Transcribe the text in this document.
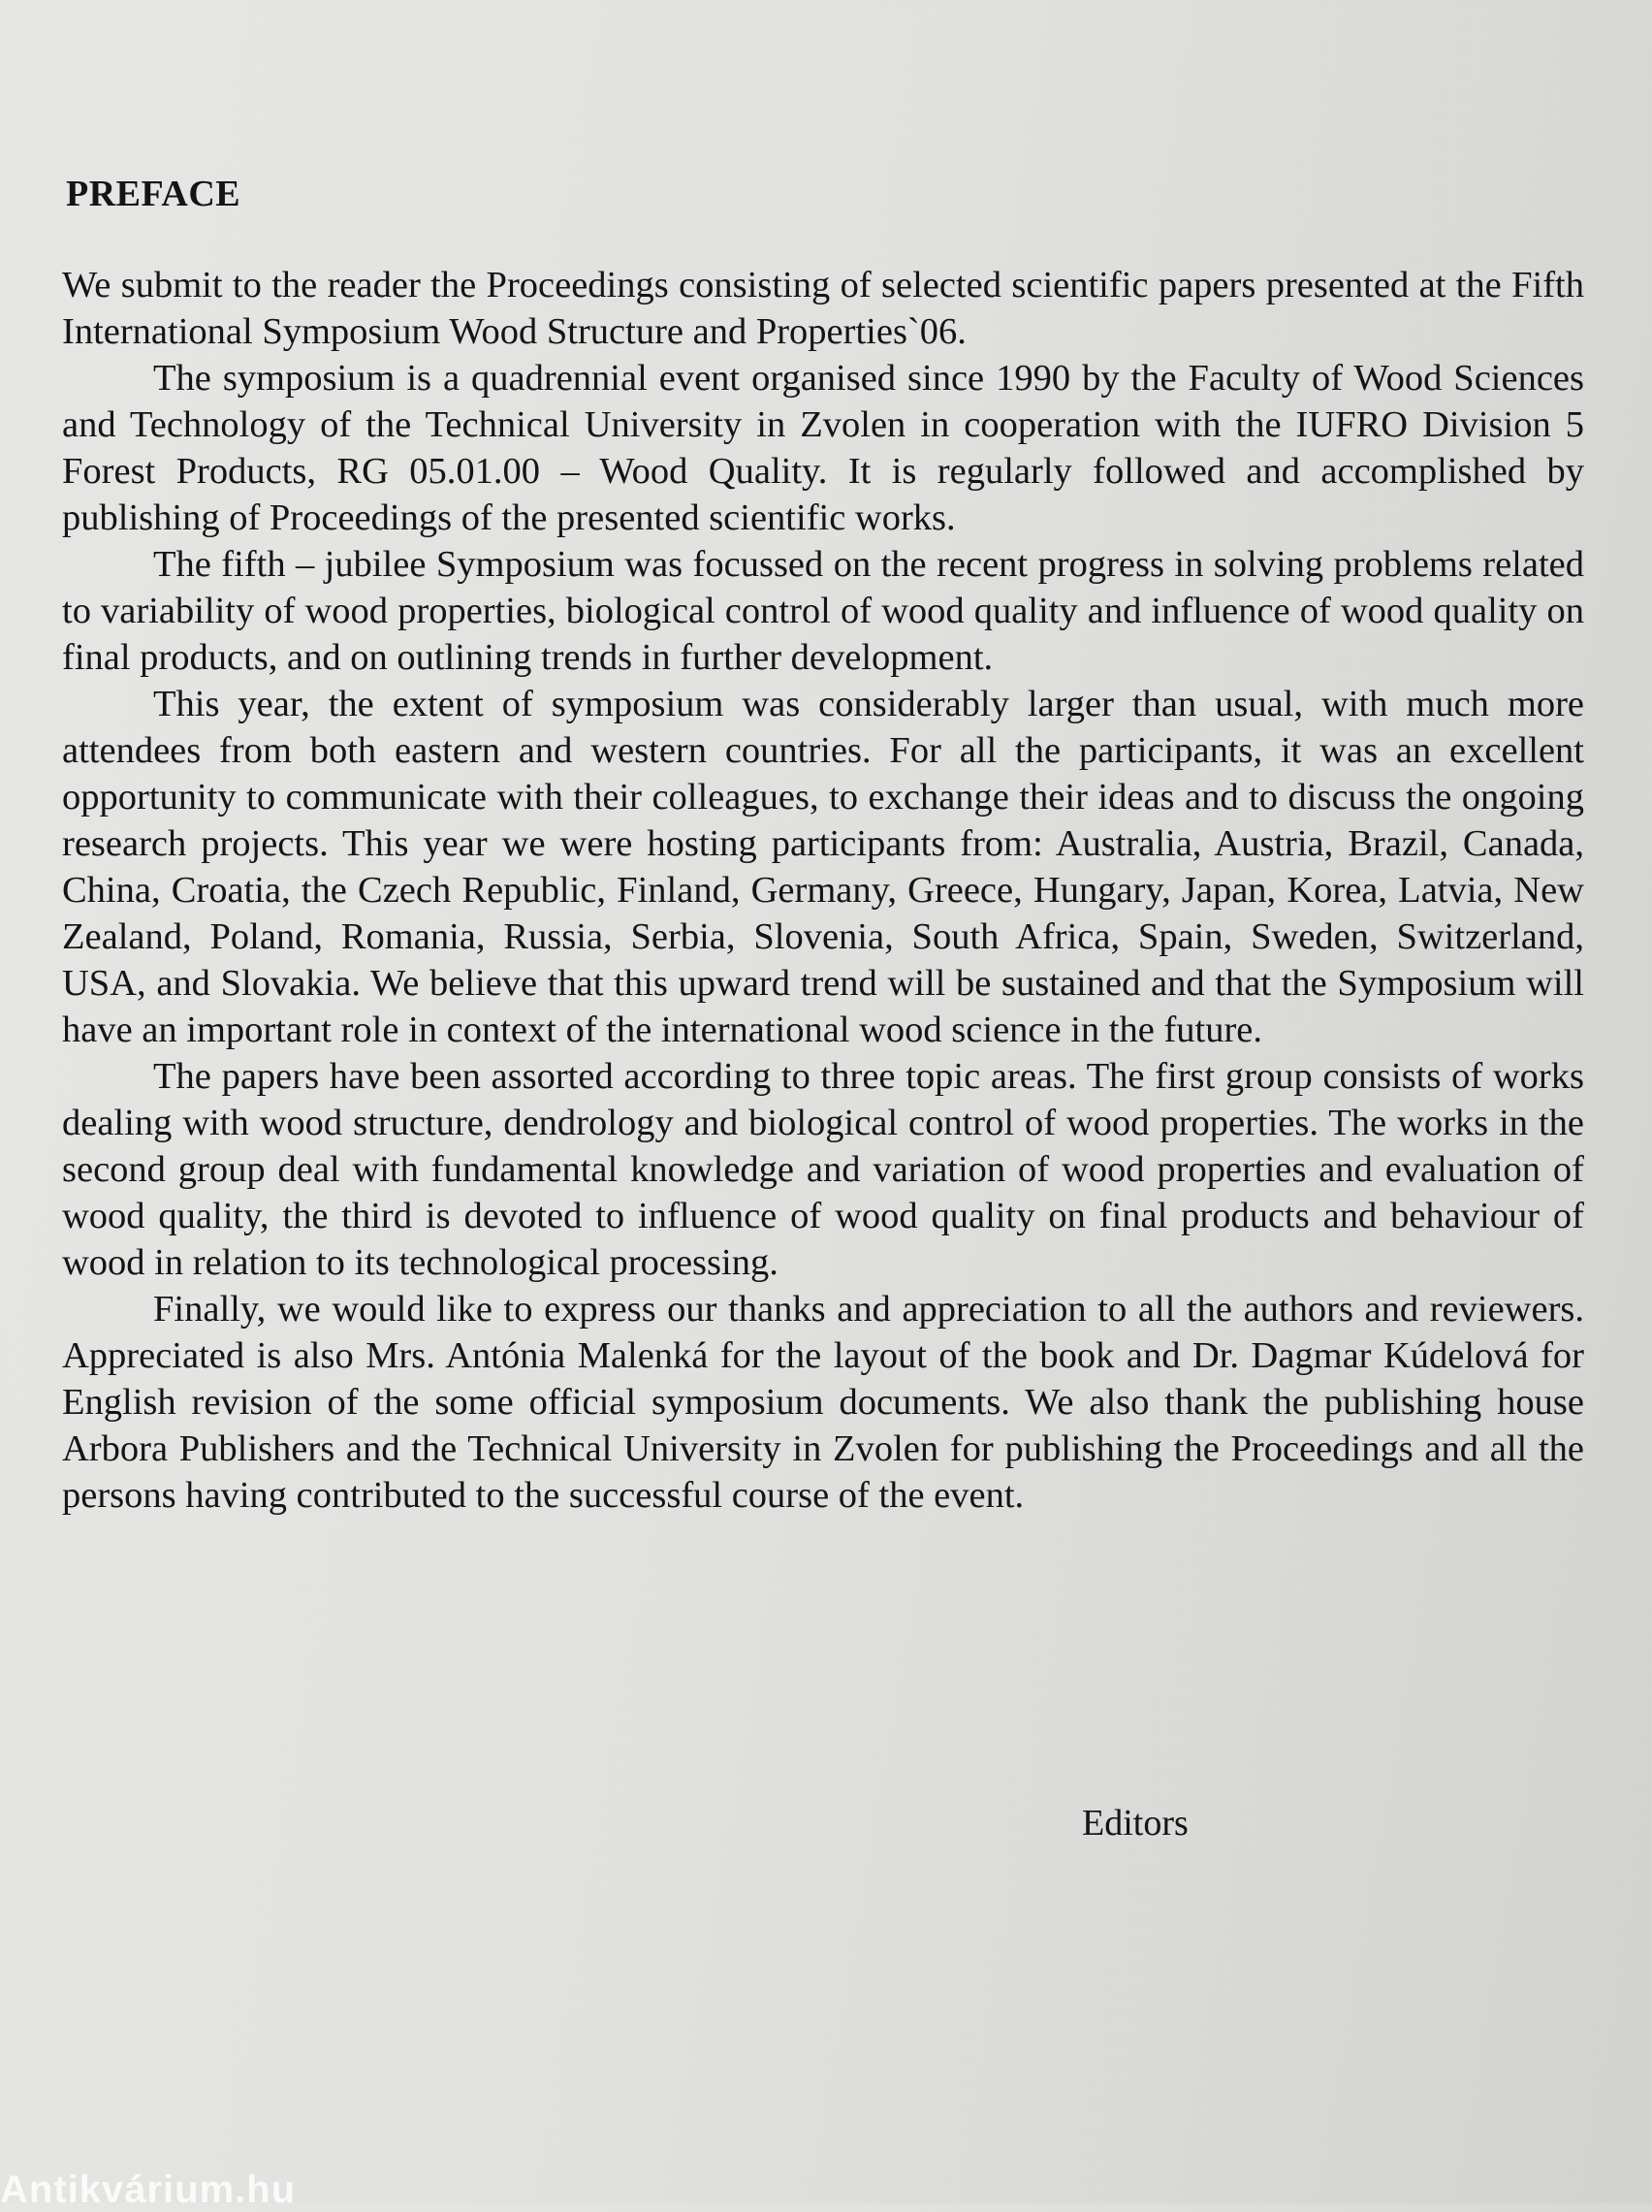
PREFACE

We submit to the reader the Proceedings consisting of selected scientific papers presented at the Fifth International Symposium Wood Structure and Properties`06.

The symposium is a quadrennial event organised since 1990 by the Faculty of Wood Sciences and Technology of the Technical University in Zvolen in cooperation with the IUFRO Division 5 Forest Products, RG 05.01.00 – Wood Quality. It is regularly followed and accomplished by publishing of Proceedings of the presented scientific works.

The fifth – jubilee Symposium was focussed on the recent progress in solving problems related to variability of wood properties, biological control of wood quality and influence of wood quality on final products, and on outlining trends in further development.

This year, the extent of symposium was considerably larger than usual, with much more attendees from both eastern and western countries. For all the participants, it was an excellent opportunity to communicate with their colleagues, to exchange their ideas and to discuss the ongoing research projects. This year we were hosting participants from: Australia, Austria, Brazil, Canada, China, Croatia, the Czech Republic, Finland, Germany, Greece, Hungary, Japan, Korea, Latvia, New Zealand, Poland, Romania, Russia, Serbia, Slovenia, South Africa, Spain, Sweden, Switzerland, USA, and Slovakia. We believe that this upward trend will be sustained and that the Symposium will have an important role in context of the international wood science in the future.

The papers have been assorted according to three topic areas. The first group consists of works dealing with wood structure, dendrology and biological control of wood properties. The works in the second group deal with fundamental knowledge and variation of wood properties and evaluation of wood quality, the third is devoted to influence of wood quality on final products and behaviour of wood in relation to its technological processing.

Finally, we would like to express our thanks and appreciation to all the authors and reviewers. Appreciated is also Mrs. Antónia Malenká for the layout of the book and Dr. Dagmar Kúdelová for English revision of the some official symposium documents. We also thank the publishing house Arbora Publishers and the Technical University in Zvolen for publishing the Proceedings and all the persons having contributed to the successful course of the event.

Editors
Antikvárium.hu
